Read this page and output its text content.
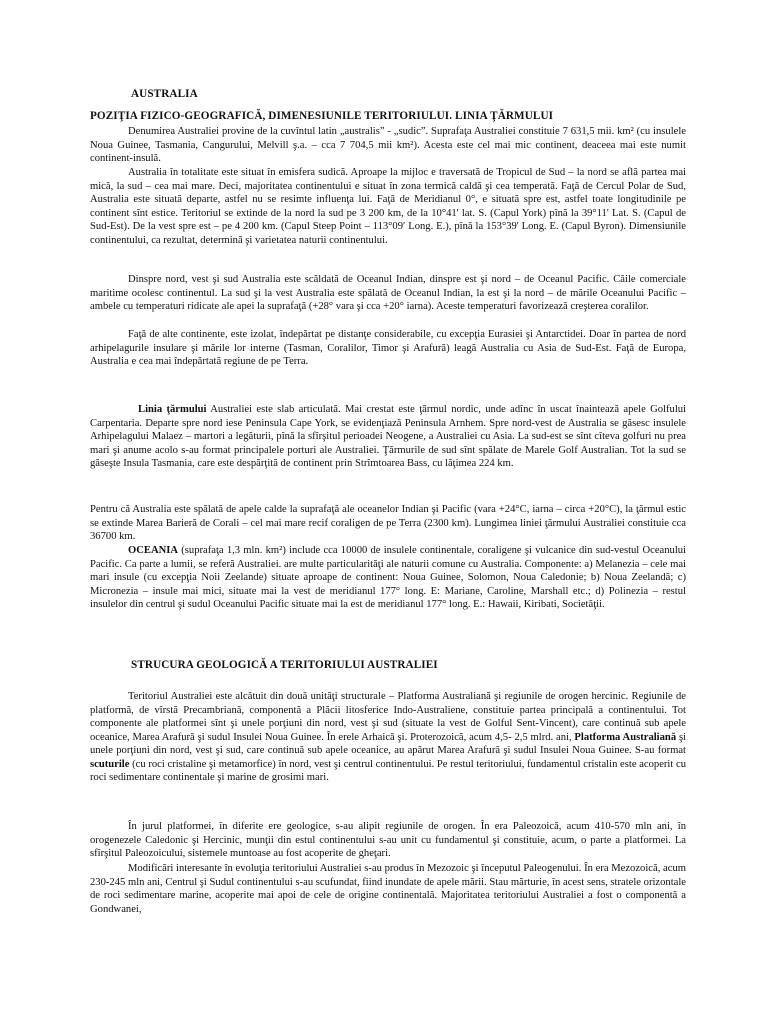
AUSTRALIA

POZIŢIA FIZICO-GEOGRAFICĂ, DIMENESIUNILE TERITORIULUI. LINIA ŢĂRMULUI

Denumirea Australiei provine de la cuvîntul latin „australis” - „sudic”. Suprafaţa Australiei constituie 7 631,5 mii. km² (cu insulele Noua Guinee, Tasmania, Cangurului, Melvill ş.a. – cca 7 704,5 mii km²). Acesta este cel mai mic continent, deaceea mai este numit continent-insulă.

Australia în totalitate este situat în emisfera sudică. Aproape la mijloc e traversată de Tropicul de Sud – la nord se află partea mai mică, la sud – cea mai mare. Deci, majoritatea continentului e situat în zona termică caldă şi cea temperată. Faţă de Cercul Polar de Sud, Australia este situată departe, astfel nu se resimte influenţa lui. Faţă de Meridianul 0°, e situată spre est, astfel toate longitudinile pe continent sînt estice. Teritoriul se extinde de la nord la sud pe 3 200 km, de la 10°41' lat. S. (Capul York) pînă la 39°11' Lat. S. (Capul de Sud-Est). De la vest spre est – pe 4 200 km. (Capul Steep Point – 113°09′ Long. E.), pînă la 153°39' Long. E. (Capul Byron). Dimensiunile continentului, ca rezultat, determină şi varietatea naturii continentului.

Dinspre nord, vest şi sud Australia este scăldată de Oceanul Indian, dinspre est şi nord – de Oceanul Pacific. Căile comerciale maritime ocolesc continentul. La sud şi la vest Australia este spălată de Oceanul Indian, la est şi la nord – de mările Oceanului Pacific – ambele cu temperaturi ridicate ale apei la suprafaţă (+28° vara şi cca +20° iarna). Aceste temperaturi favorizează creşterea coralilor.

Faţă de alte continente, este izolat, îndepărtat pe distanţe considerabile, cu excepţia Eurasiei şi Antarctidei. Doar în partea de nord arhipelagurile insulare şi mările lor interne (Tasman, Coralilor, Timor şi Arafură) leagă Australia cu Asia de Sud-Est. Faţă de Europa, Australia e cea mai îndepărtată regiune de pe Terra.

Linia ţărmului Australiei este slab articulată. Mai crestat este ţărmul nordic, unde adînc în uscat înaintează apele Golfului Carpentaria. Departe spre nord iese Peninsula Cape York, se evidenţiază Peninsula Arnhem. Spre nord-vest de Australia se găsesc insulele Arhipelagului Malaez – martori a legăturii, pînă la sfîrşitul perioadei Neogene, a Australiei cu Asia. La sud-est se sînt cîteva golfuri nu prea mari şi anume acolo s-au format principalele porturi ale Australiei. Ţărmurile de sud sînt spălate de Marele Golf Australian. Tot la sud se găseşte Insula Tasmania, care este despărţită de continent prin Strîmtoarea Bass, cu lăţimea 224 km.

Pentru că Australia este spălată de apele calde la suprafaţă ale oceanelor Indian şi Pacific (vara +24°C, iarna – circa +20°C), la ţărmul estic se extinde Marea Barieră de Corali – cel mai mare recif coraligen de pe Terra (2300 km). Lungimea liniei ţărmului Australiei constituie cca 36700 km.

OCEANIA (suprafaţa 1,3 mln. km²) include cca 10000 de insulele continentale, coraligene şi vulcanice din sud-vestul Oceanului Pacific. Ca parte a lumii, se referă Australiei. are multe particularităţi ale naturii comune cu Australia. Componente: a) Melanezia – cele mai mari insule (cu excepţia Noii Zeelande) situate aproape de continent: Noua Guinee, Solomon, Noua Caledonie; b) Noua Zeelandă; c) Micronezia – insule mai mici, situate mai la vest de meridianul 177° long. E: Mariane, Caroline, Marshall etc.; d) Polinezia – restul insulelor din centrul şi sudul Oceanului Pacific situate mai la est de meridianul 177° long. E.: Hawaii, Kiribati, Societăţii.

STRUCURA GEOLOGICĂ A TERITORIULUI AUSTRALIEI

Teritoriul Australiei este alcătuit din două unităţi structurale – Platforma Australiană şi regiunile de orogen hercinic. Regiunile de platformă, de vîrstă Precambriană, componentă a Plăcii litosferice Indo-Australiene, constituie partea principală a continentului. Tot componente ale platformei sînt şi unele porţiuni din nord, vest şi sud (situate la vest de Golful Sent-Vincent), care continuă sub apele oceanice, Marea Arafură şi sudul Insulei Noua Guinee. În erele Arhaică şi. Proterozoică, acum 4,5- 2,5 mlrd. ani, Platforma Australiană şi unele porţiuni din nord, vest şi sud, care continuă sub apele oceanice, au apărut Marea Arafură şi sudul Insulei Noua Guinee. S-au format scuturile (cu roci cristaline şi metamorfice) în nord, vest şi centrul continentului. Pe restul teritoriului, fundamentul cristalin este acoperit cu roci sedimentare continentale şi marine de grosimi mari.

În jurul platformei, în diferite ere geologice, s-au alipit regiunile de orogen. În era Paleozoică, acum 410-570 mln ani, în orogenezele Caledonic şi Hercinic, munţii din estul continentului s-au unit cu fundamentul şi constituie, acum, o parte a platformei. La sfîrşitul Paleozoicului, sistemele muntoase au fost acoperite de gheţari.

Modificări interesante în evoluţia teritoriului Australiei s-au produs în Mezozoic şi începutul Paleogenului. În era Mezozoică, acum 230-245 mln ani, Centrul şi Sudul continentului s-au scufundat, fiind inundate de apele mării. Stau mărturie, în acest sens, stratele orizontale de roci sedimentare marine, acoperite mai apoi de cele de origine continentală. Majoritatea teritoriului Australiei a fost o componentă a Gondwanei,
